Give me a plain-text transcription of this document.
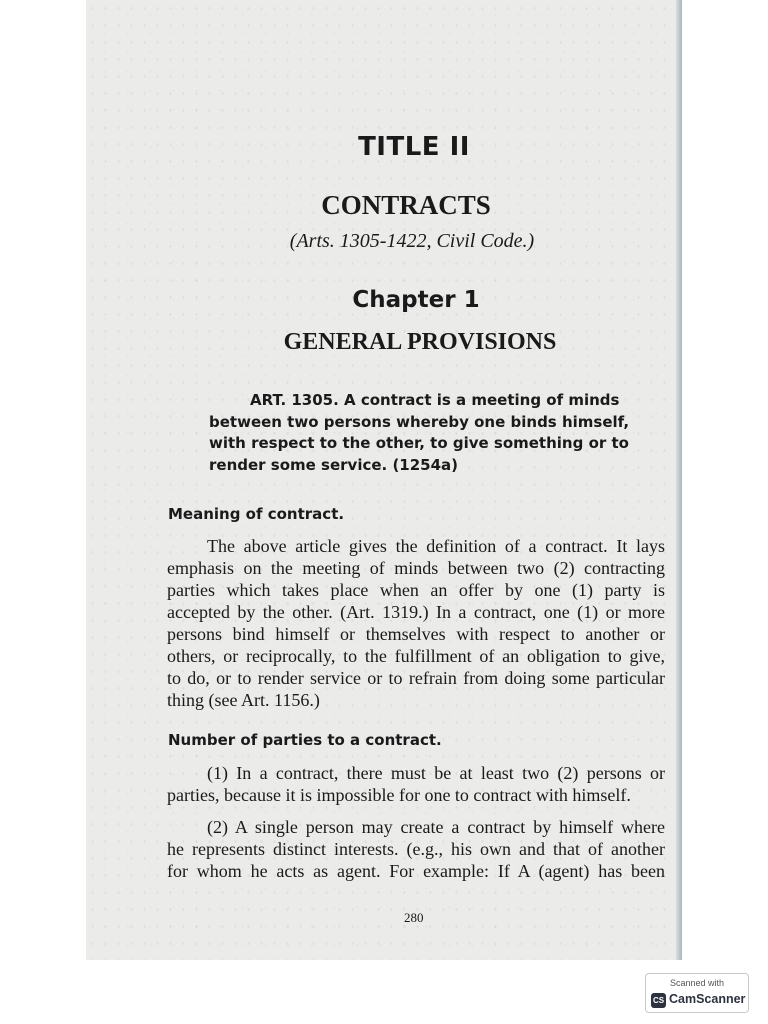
TITLE II
CONTRACTS

(Arts. 1305-1422, Civil Code.)

Chapter 1
GENERAL PROVISIONS

ART. 1305. A contract is a meeting of minds
between two persons whereby one binds himself,
with respect to the other, to give something or to
render some service. (1254a)

Meaning of contract.

The above article gives the definition of a contract. It lays
emphasis on the meeting of minds between two (2) contracting
parties which takes place when an offer by one (1) party is
accepted by the other. (Art. 1319.) In a contract, one (1) or more
persons bind himself or themselves with respect to another or
others, or reciprocally, to the fulfillment of an obligation to give,
to do, or to render service or to refrain from doing some particular
thing (see Art. 1156.)

Number of parties to a contract.

(1) In a contract, there must be at least two (2) persons or
parties, because it is impossible for one to contract with himself.

(2) A single person may create a contract by himself where
he represents distinct interests. (e.g., his own and that of another
for whom he acts as agent. For example: If A (agent) has been

280

Scanned with
CS CamScanner
